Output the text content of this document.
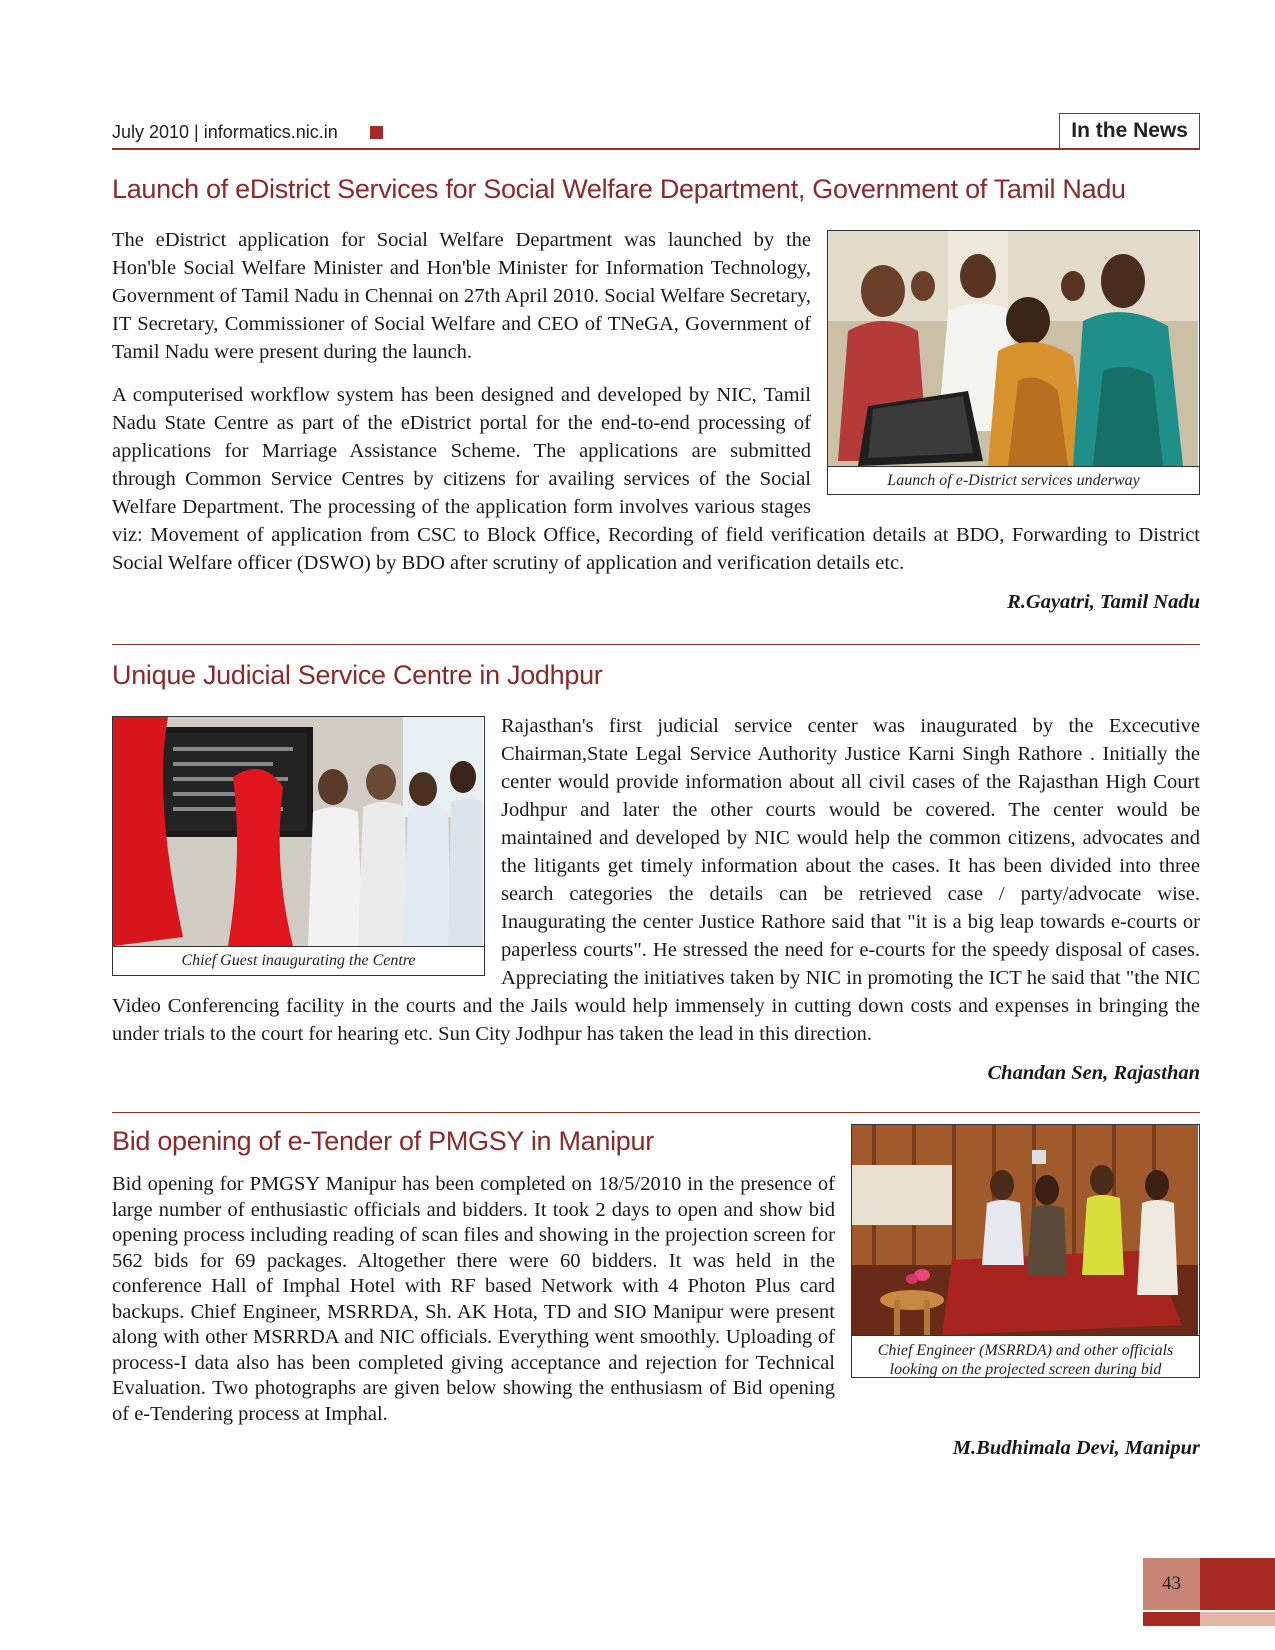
July 2010 | informatics.nic.in	In the News
Launch of eDistrict Services for Social Welfare Department, Government of Tamil Nadu
Launch of e-District services underway

The eDistrict application for Social Welfare Department was launched by the Hon'ble Social Welfare Minister and Hon'ble Minister for Information Technology, Government of Tamil Nadu in Chennai on 27th April 2010. Social Welfare Secretary, IT Secretary, Commissioner of Social Welfare and CEO of TNeGA, Government of Tamil Nadu were present during the launch.

A computerised workflow system has been designed and developed by NIC, Tamil Nadu State Centre as part of the eDistrict portal for the end-to-end processing of applications for Marriage Assistance Scheme. The applications are submitted through Common Service Centres by citizens for availing services of the Social Welfare Department. The processing of the application form involves various stages viz: Movement of application from CSC to Block Office, Recording of field verification details at BDO, Forwarding to District Social Welfare officer (DSWO) by BDO after scrutiny of application and verification details etc.

R.Gayatri, Tamil Nadu
Unique Judicial Service Centre in Jodhpur
Chief Guest inaugurating the Centre

Rajasthan's first judicial service center was inaugurated by the Excecutive Chairman,State Legal Service Authority Justice Karni Singh Rathore . Initially the center would provide information about all civil cases of the Rajasthan High Court Jodhpur and later the other courts would be covered. The center would be maintained and developed by NIC would help the common citizens, advocates and the litigants get timely information about the cases. It has been divided into three search categories the details can be retrieved case / party/advocate wise. Inaugurating the center Justice Rathore said that "it is a big leap towards e-courts or paperless courts". He stressed the need for e-courts for the speedy disposal of cases. Appreciating the initiatives taken by NIC in promoting the ICT he said that "the NIC Video Conferencing facility in the courts and the Jails would help immensely in cutting down costs and expenses in bringing the under trials to the court for hearing etc. Sun City Jodhpur has taken the lead in this direction.

Chandan Sen, Rajasthan
Chief Engineer (MSRRDA) and other officials looking on the projected screen during bid
Bid opening of e-Tender of PMGSY in Manipur

Bid opening for PMGSY Manipur has been completed on 18/5/2010 in the presence of large number of enthusiastic officials and bidders. It took 2 days to open and show bid opening process including reading of scan files and showing in the projection screen for 562 bids for 69 packages. Altogether there were 60 bidders. It was held in the conference Hall of Imphal Hotel with RF based Network with 4 Photon Plus card backups. Chief Engineer, MSRRDA, Sh. AK Hota, TD and SIO Manipur were present along with other MSRRDA and NIC officials. Everything went smoothly. Uploading of process-I data also has been completed giving acceptance and rejection for Technical Evaluation. Two photographs are given below showing the enthusiasm of Bid opening of e-Tendering process at Imphal.

M.Budhimala Devi, Manipur
43
